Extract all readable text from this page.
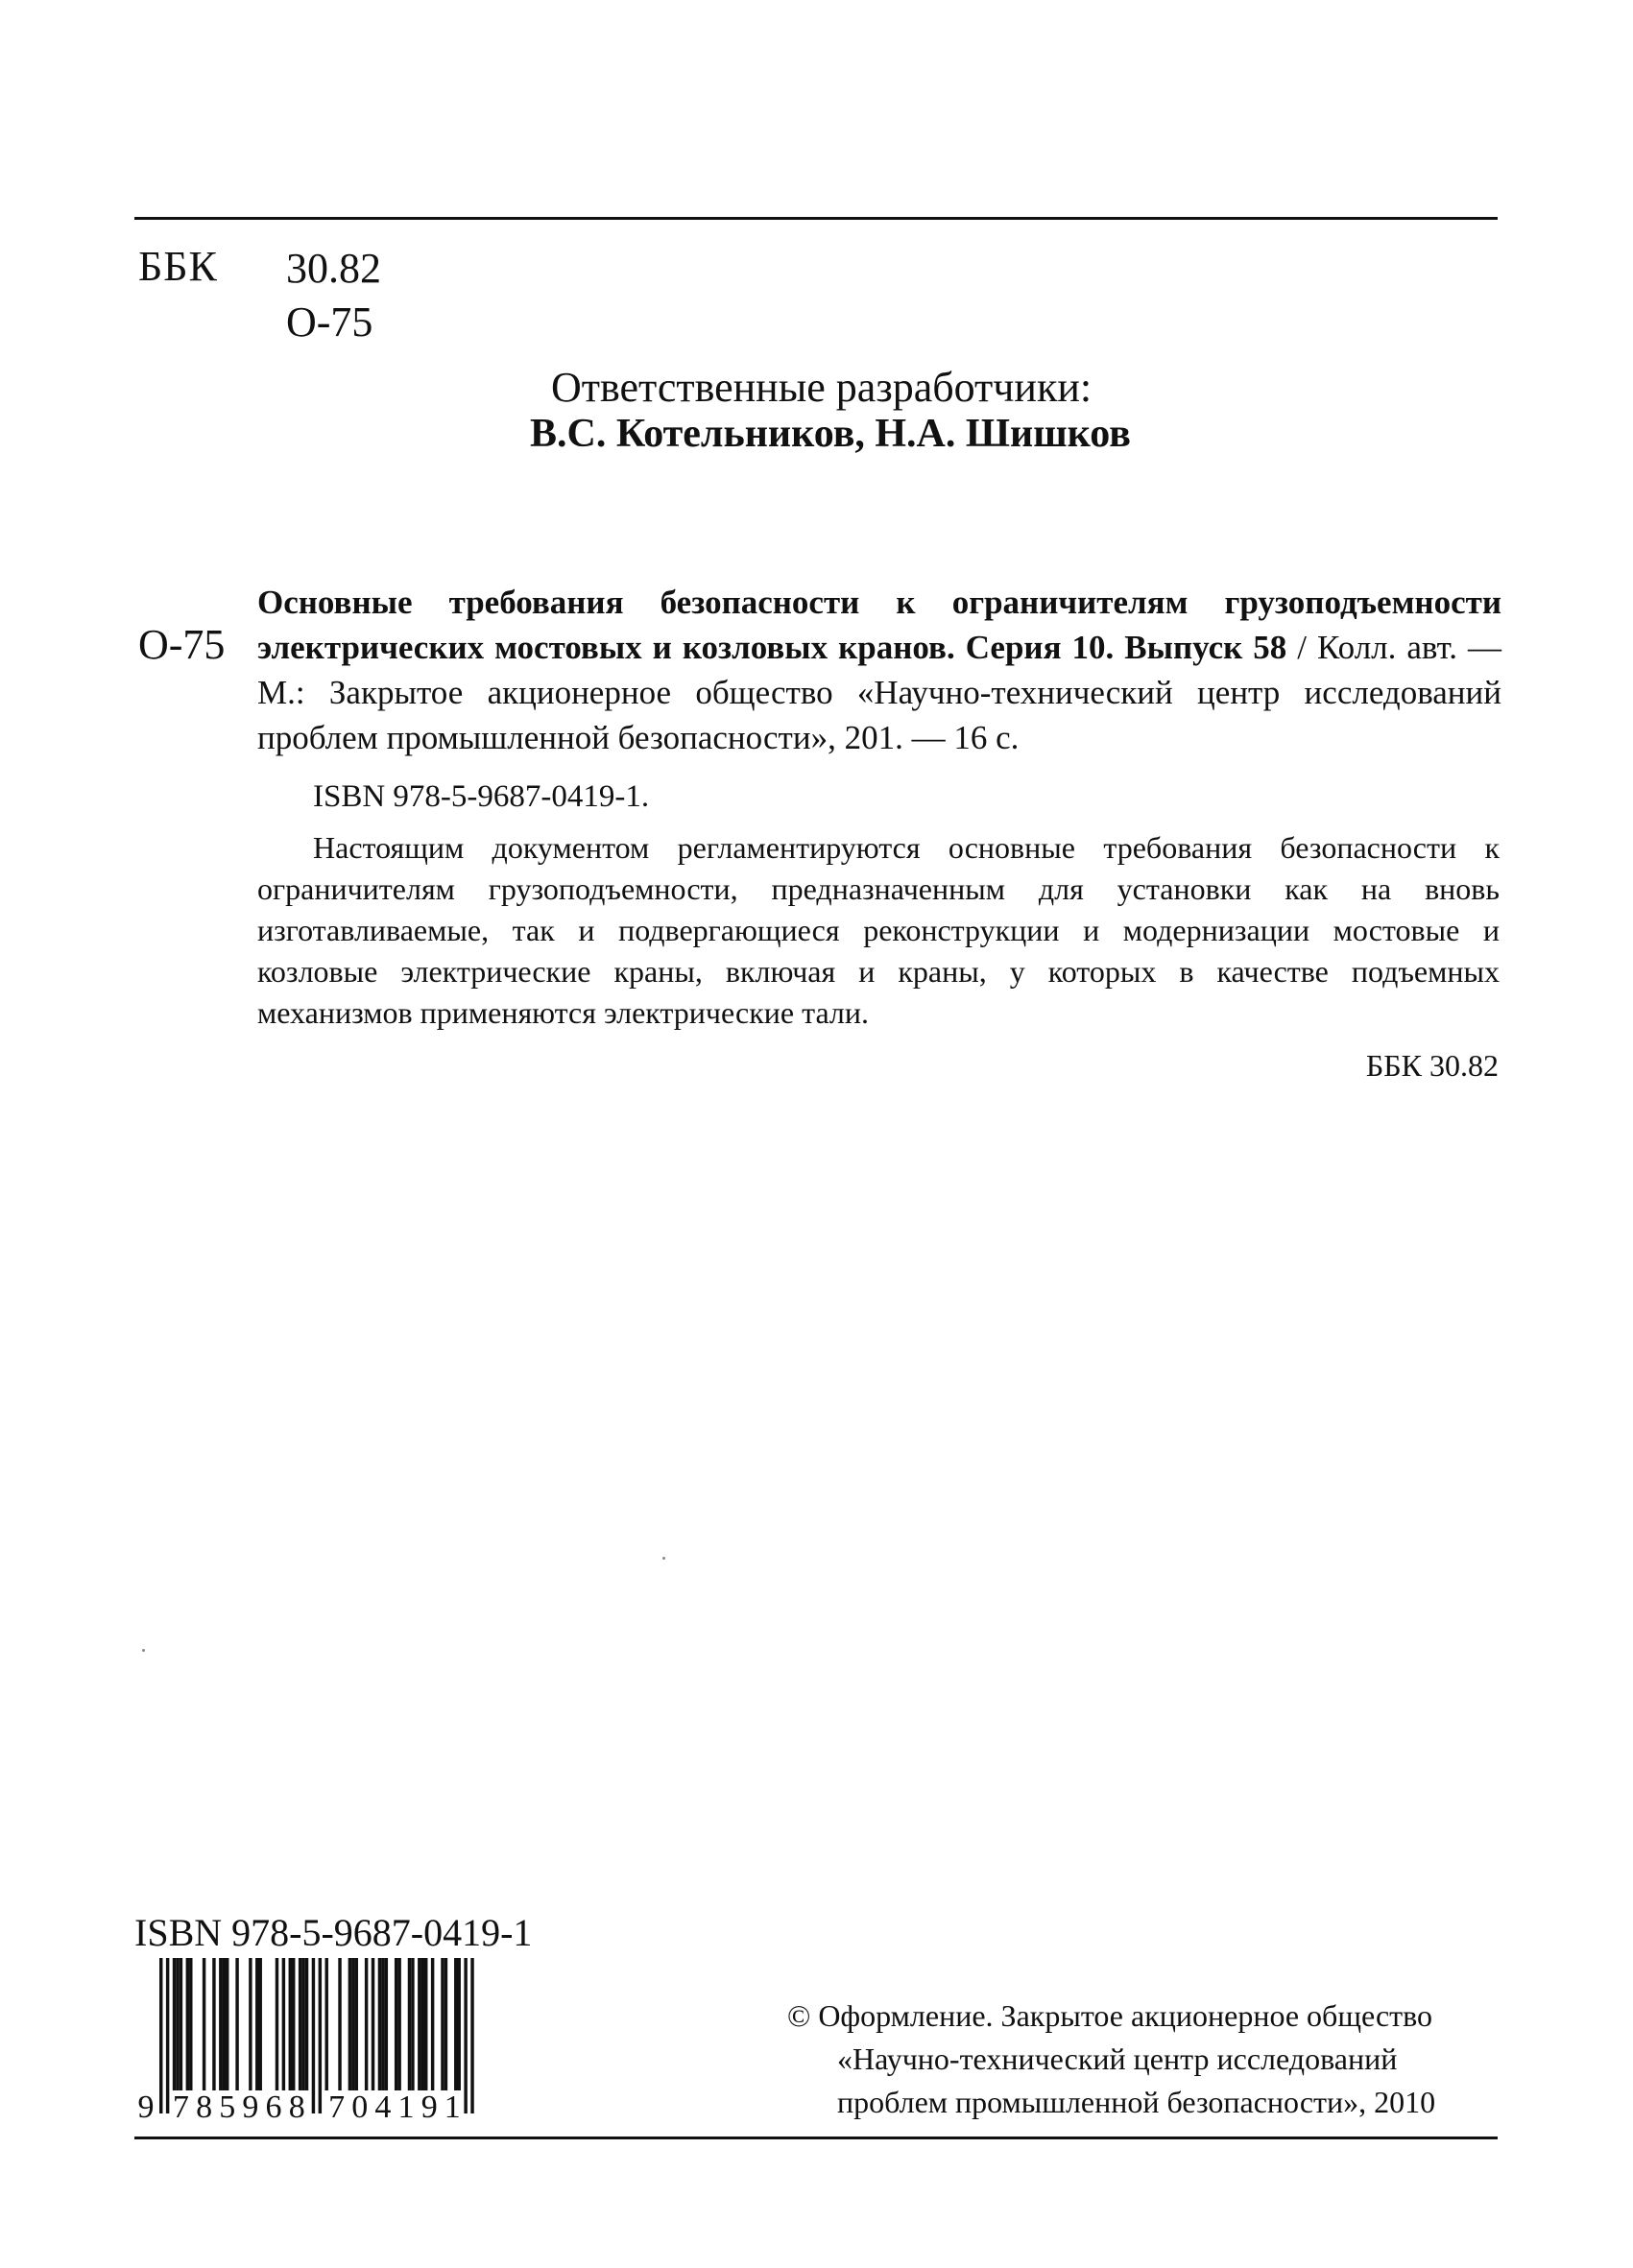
ББК 30.82
О-75
Ответственные разработчики:
В.С. Котельников, Н.А. Шишков
О-75
Основные требования безопасности к ограничителям грузоподъемности электрических мостовых и козловых кранов. Серия 10. Выпуск 58 / Колл. авт. — М.: Закрытое акционерное общество «Научно-технический центр исследований проблем промышленной безопасности», 201. — 16 с.
ISBN 978-5-9687-0419-1.
Настоящим документом регламентируются основные требования безопасности к ограничителям грузоподъемности, предназначенным для установки как на вновь изготавливаемые, так и подвергающиеся реконструкции и модернизации мостовые и козловые электрические краны, включая и краны, у которых в качестве подъемных механизмов применяются электрические тали.
ББК 30.82
ISBN 978-5-9687-0419-1
9 7 8 5 9 6 8 7 0 4 1 9 1
© Оформление. Закрытое акционерное общество
«Научно-технический центр исследований
проблем промышленной безопасности», 2010
